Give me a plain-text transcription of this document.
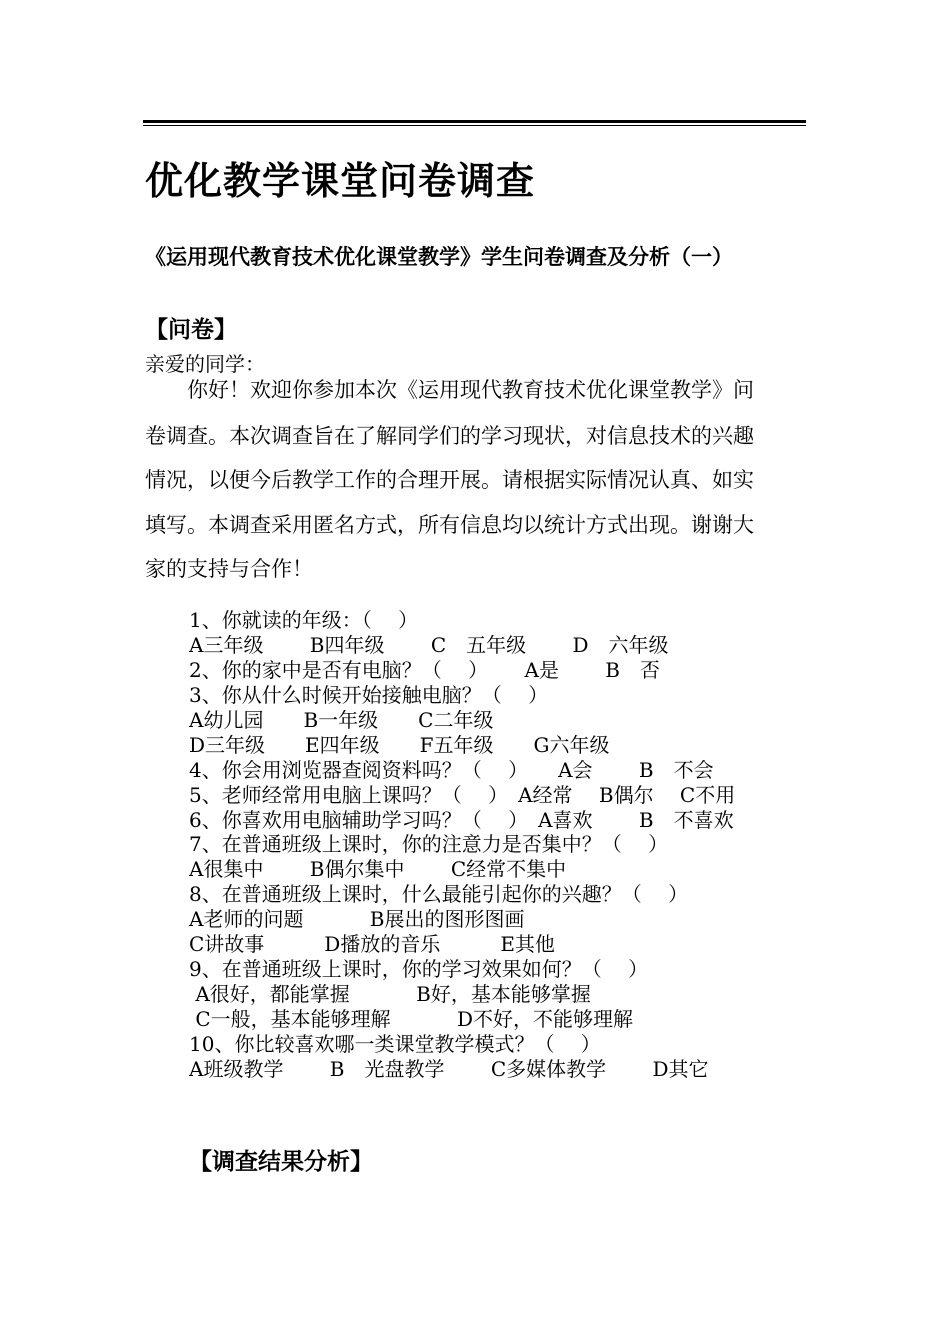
优化教学课堂问卷调查
《运用现代教育技术优化课堂教学》学生问卷调查及分析（一）
【问卷】
亲爱的同学：
　　你好！欢迎你参加本次《运用现代教育技术优化课堂教学》问
卷调查。本次调查旨在了解同学们的学习现状，对信息技术的兴趣
情况，以便今后教学工作的合理开展。请根据实际情况认真、如实
填写。本调查采用匿名方式，所有信息均以统计方式出现。谢谢大
家的支持与合作！
1、你就读的年级：（　 ）
A三年级　　 B四年级　　 C　五年级　　 D　六年级
2、你的家中是否有电脑？（　 ）　　 A是　　 B　否
3、你从什么时候开始接触电脑？（　 ）
A幼儿园　　B一年级　　C二年级
D三年级　　E四年级　　F五年级　　G六年级
4、你会用浏览器查阅资料吗？（　 ）　　A会　　 B　不会
5、老师经常用电脑上课吗？（　 ）　A经常　 B偶尔　 C不用
6、你喜欢用电脑辅助学习吗？（　 ）　A喜欢　　 B　不喜欢
7、在普通班级上课时，你的注意力是否集中？（　 ）
A很集中　　 B偶尔集中　　 C经常不集中
8、在普通班级上课时，什么最能引起你的兴趣？（　 ）
A老师的问题　　　 B展出的图形图画
C讲故事　　　D播放的音乐　　　E其他
9、在普通班级上课时，你的学习效果如何？（　 ）
A很好，都能掌握　　　 B好，基本能够掌握
C一般，基本能够理解　　　 D不好，不能够理解
10、你比较喜欢哪一类课堂教学模式？（　 ）
A班级教学　　 B　光盘教学　　 C多媒体教学　　 D其它
【调查结果分析】
